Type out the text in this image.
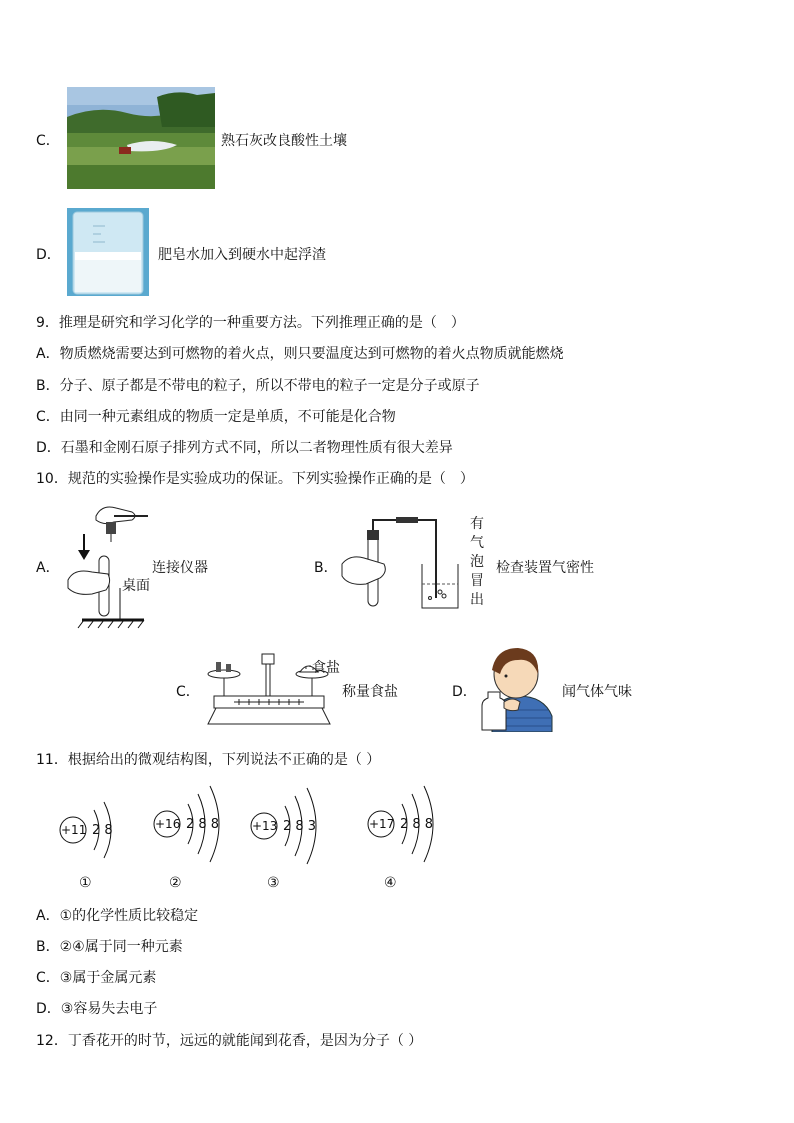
C．	熟石灰改良酸性土壤
D．	肥皂水加入到硬水中起浮渣
9．推理是研究和学习化学的一种重要方法。下列推理正确的是（　）
A．物质燃烧需要达到可燃物的着火点，则只要温度达到可燃物的着火点物质就能燃烧
B．分子、原子都是不带电的粒子，所以不带电的粒子一定是分子或原子
C．由同一种元素组成的物质一定是单质，不可能是化合物
D．石墨和金刚石原子排列方式不同，所以二者物理性质有很大差异
10．规范的实验操作是实验成功的保证。下列实验操作正确的是（　）
A．
桌面
连接仪器	B．
有
气
泡
冒
出
检查装置气密性
C．
食盐
称量食盐	D．	闻气体气味
11．根据给出的微观结构图，下列说法不正确的是（ ）
+11 2 8
①
+16 2 8 8
②
+13 2 8 3
③
+17 2 8 8
④
A．①的化学性质比较稳定
B．②④属于同一种元素
C．③属于金属元素
D．③容易失去电子
12．丁香花开的时节，远远的就能闻到花香，是因为分子（ ）
